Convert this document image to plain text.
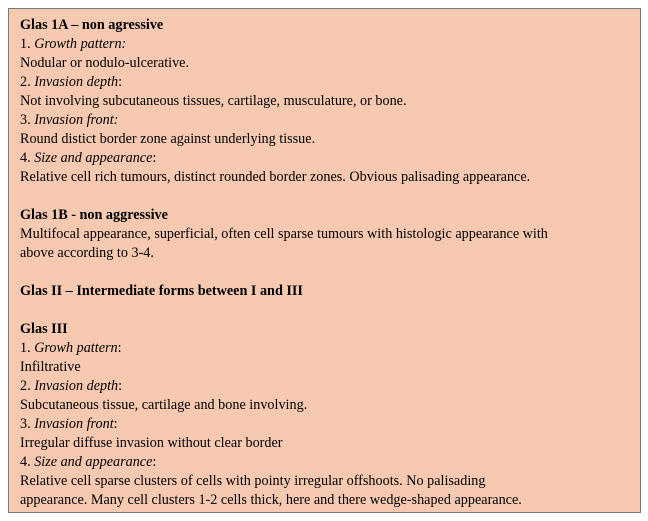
Glas 1A – non agressive
1. Growth pattern:
Nodular or nodulo-ulcerative.
2. Invasion depth:
Not involving subcutaneous tissues, cartilage, musculature, or bone.
3. Invasion front:
Round distict border zone against underlying tissue.
4. Size and appearance:
Relative cell rich tumours, distinct rounded border zones. Obvious palisading appearance.
Glas 1B - non aggressive
Multifocal appearance, superficial, often cell sparse tumours with histologic appearance with
above according to 3-4.
Glas II – Intermediate forms between I and III
Glas III
1. Growh pattern:
Infiltrative
2. Invasion depth:
Subcutaneous tissue, cartilage and bone involving.
3. Invasion front:
Irregular diffuse invasion without clear border
4. Size and appearance:
Relative cell sparse clusters of cells with pointy irregular offshoots. No palisading
appearance. Many cell clusters 1-2 cells thick, here and there wedge-shaped appearance.
